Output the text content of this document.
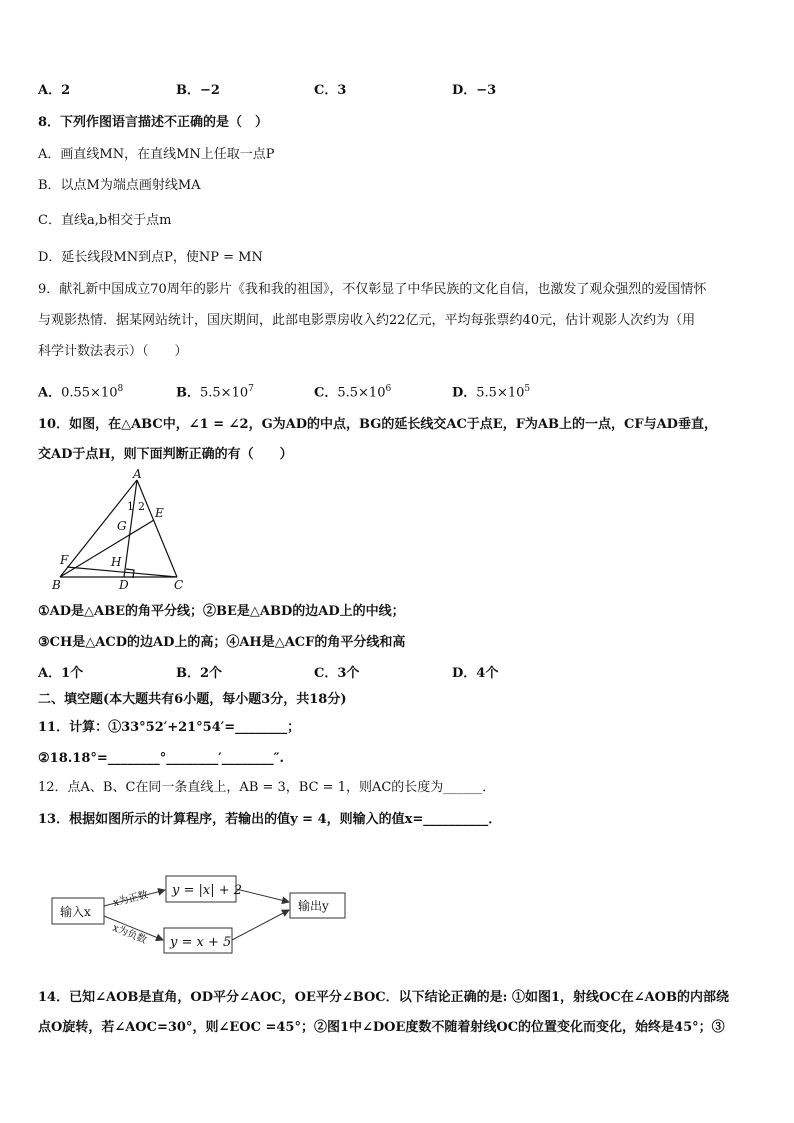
A．2	B．−2	C．3	D．−3
8．下列作图语言描述不正确的是（　）
A．画直线MN，在直线MN上任取一点P
B．以点M为端点画射线MA
C．直线a,b相交于点m
D．延长线段MN到点P，使NP = MN
9．献礼新中国成立70周年的影片《我和我的祖国》，不仅彰显了中华民族的文化自信，也激发了观众强烈的爱国情怀
与观影热情．据某网站统计，国庆期间，此部电影票房收入约22亿元，平均每张票约40元，估计观影人次约为（用
科学计数法表示）（　　）
A．$0.55\times 10^8$	B．$5.5\times 10^7$	C．$5.5\times 10^6$	D．$5.5\times 10^5$
10．如图，在△ABC中，∠1 = ∠2，G为AD的中点，BG的延长线交AC于点E，F为AB上的一点，CF与AD垂直，
交AD于点H，则下面判断正确的有（　　）
A
B	C
D
E
F
G
H
1 2
①AD是△ABE的角平分线；②BE是△ABD的边AD上的中线；
③CH是△ACD的边AD上的高；④AH是△ACF的角平分线和高
A．1个	B．2个	C．3个	D．4个
二、填空题(本大题共有6小题，每小题3分，共18分)
11．计算：①33°52′+21°54′=________；
②18.18°=________°________′________″.
12．点A、B、C在同一条直线上，AB = 3，BC = 1，则AC的长度为______．
13．根据如图所示的计算程序，若输出的值y = 4，则输入的值x=__________．
输入x	输出y
y = |x| + 2
y = x + 5
x为正数
x为负数
14．已知∠AOB是直角，OD平分∠AOC，OE平分∠BOC．以下结论正确的是: ①如图1，射线OC在∠AOB的内部绕
点O旋转，若∠AOC=30°，则∠EOC =45°；②图1中∠DOE度数不随着射线OC的位置变化而变化，始终是45°；③
